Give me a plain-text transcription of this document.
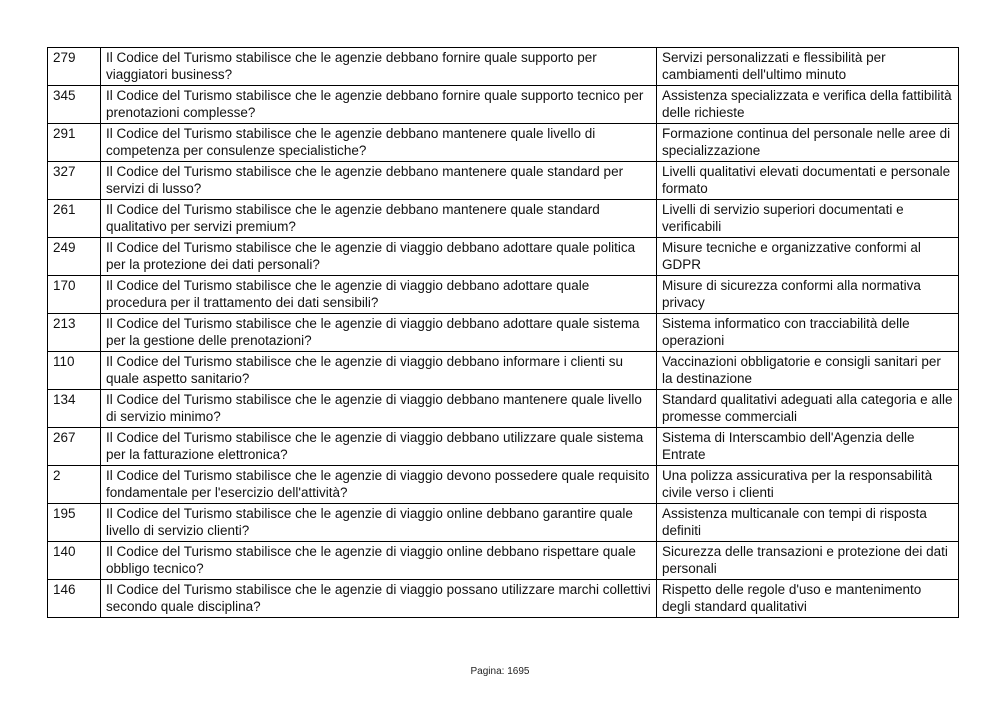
279	Il Codice del Turismo stabilisce che le agenzie debbano fornire quale supporto per viaggiatori business?	Servizi personalizzati e flessibilità per cambiamenti dell'ultimo minuto
345	Il Codice del Turismo stabilisce che le agenzie debbano fornire quale supporto tecnico per prenotazioni complesse?	Assistenza specializzata e verifica della fattibilità delle richieste
291	Il Codice del Turismo stabilisce che le agenzie debbano mantenere quale livello di competenza per consulenze specialistiche?	Formazione continua del personale nelle aree di specializzazione
327	Il Codice del Turismo stabilisce che le agenzie debbano mantenere quale standard per servizi di lusso?	Livelli qualitativi elevati documentati e personale formato
261	Il Codice del Turismo stabilisce che le agenzie debbano mantenere quale standard qualitativo per servizi premium?	Livelli di servizio superiori documentati e verificabili
249	Il Codice del Turismo stabilisce che le agenzie di viaggio debbano adottare quale politica per la protezione dei dati personali?	Misure tecniche e organizzative conformi al GDPR
170	Il Codice del Turismo stabilisce che le agenzie di viaggio debbano adottare quale procedura per il trattamento dei dati sensibili?	Misure di sicurezza conformi alla normativa privacy
213	Il Codice del Turismo stabilisce che le agenzie di viaggio debbano adottare quale sistema per la gestione delle prenotazioni?	Sistema informatico con tracciabilità delle operazioni
110	Il Codice del Turismo stabilisce che le agenzie di viaggio debbano informare i clienti su quale aspetto sanitario?	Vaccinazioni obbligatorie e consigli sanitari per la destinazione
134	Il Codice del Turismo stabilisce che le agenzie di viaggio debbano mantenere quale livello di servizio minimo?	Standard qualitativi adeguati alla categoria e alle promesse commerciali
267	Il Codice del Turismo stabilisce che le agenzie di viaggio debbano utilizzare quale sistema per la fatturazione elettronica?	Sistema di Interscambio dell'Agenzia delle Entrate
2	Il Codice del Turismo stabilisce che le agenzie di viaggio devono possedere quale requisito fondamentale per l'esercizio dell'attività?	Una polizza assicurativa per la responsabilità civile verso i clienti
195	Il Codice del Turismo stabilisce che le agenzie di viaggio online debbano garantire quale livello di servizio clienti?	Assistenza multicanale con tempi di risposta definiti
140	Il Codice del Turismo stabilisce che le agenzie di viaggio online debbano rispettare quale obbligo tecnico?	Sicurezza delle transazioni e protezione dei dati personali
146	Il Codice del Turismo stabilisce che le agenzie di viaggio possano utilizzare marchi collettivi secondo quale disciplina?	Rispetto delle regole d'uso e mantenimento degli standard qualitativi
Pagina: 1695
